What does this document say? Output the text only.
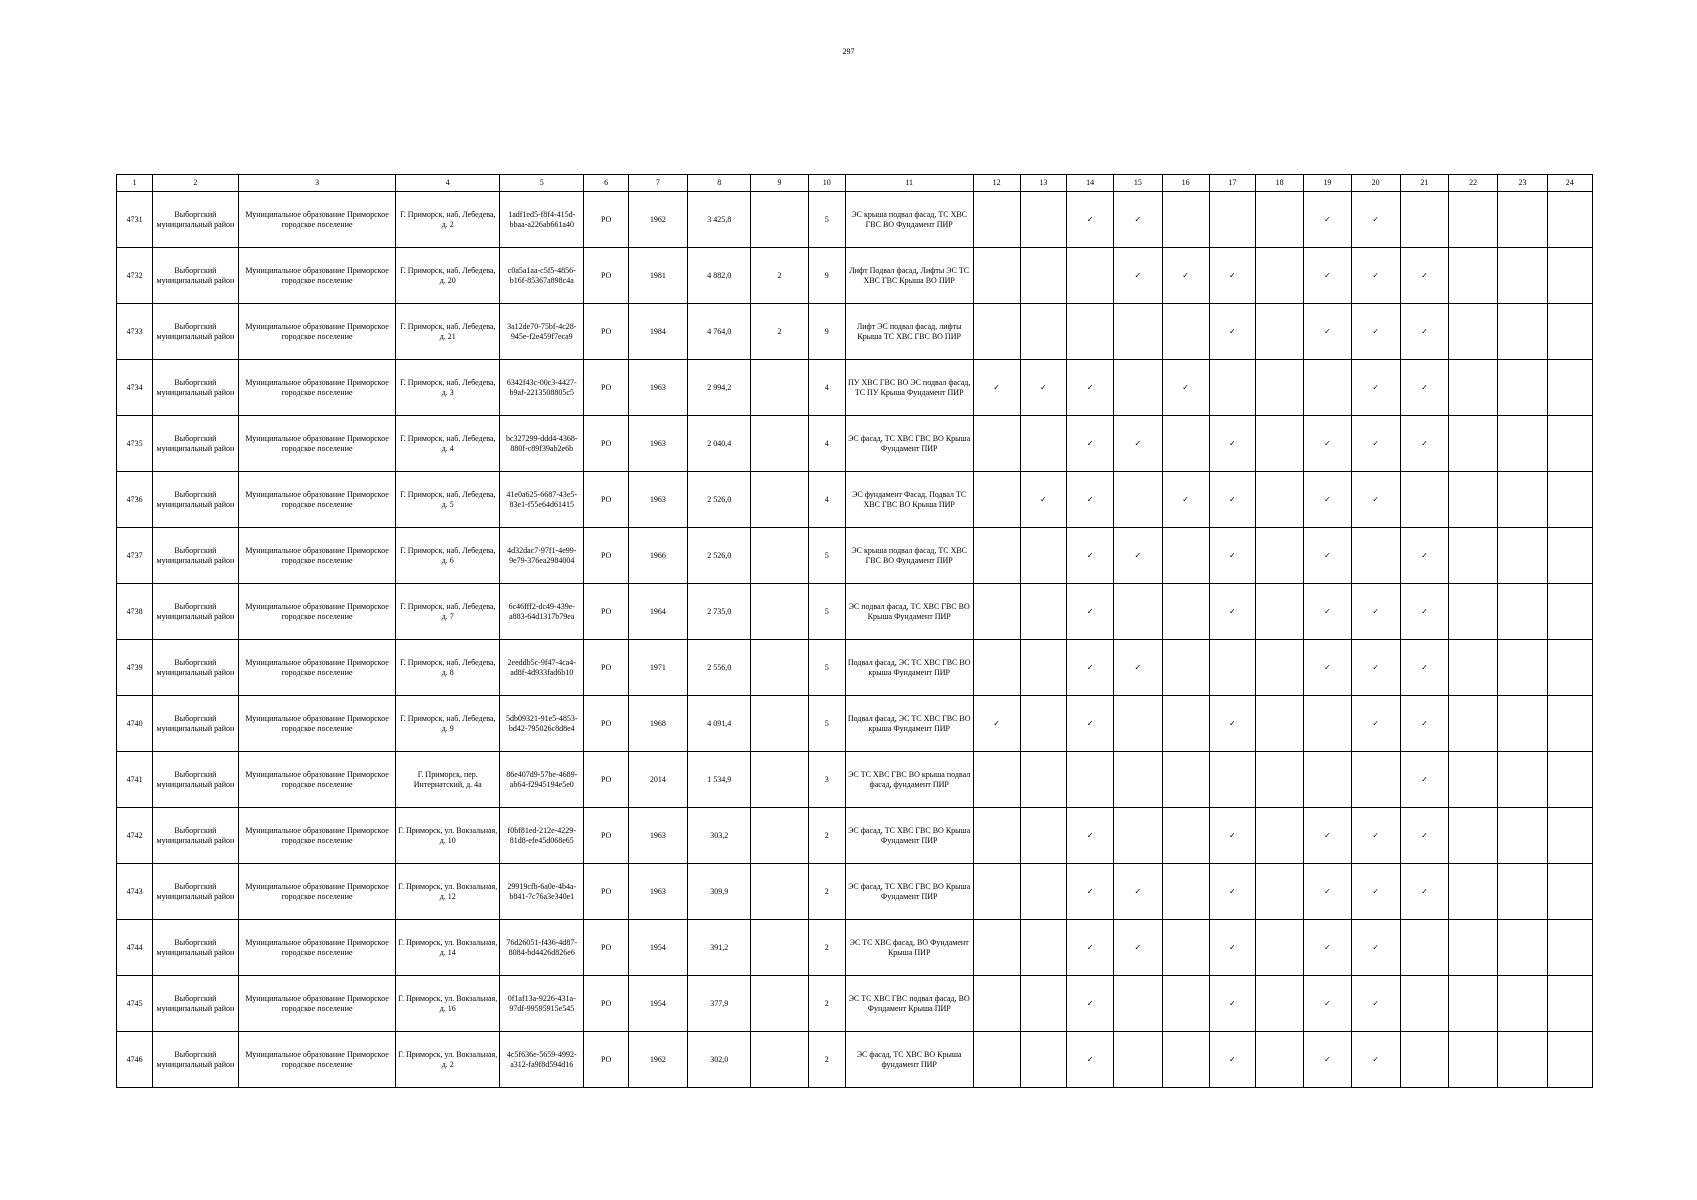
297
1	2	3	4	5	6	7	8	9	10	11	12	13	14	15	16	17	18	19	20	21	22	23	24
4731	Выборгский муниципальный район	Муниципальное образование Приморское городское поселение	Г. Приморск, наб. Лебедева, д. 2	1adf1ed5-f8f4-415d-bbaa-a226ab661a40	РО	1962	3 425,8		5	ЭС крыша подвал фасад, ТС ХВС ГВС ВО Фундамент ПИР			✓	✓				✓	✓				
4732	Выборгский муниципальный район	Муниципальное образование Приморское городское поселение	Г. Приморск, наб. Лебедева, д. 20	c0a5a1aa-c5f5-4856-b16f-85367a898c4a	РО	1981	4 882,0	2	9	Лифт Подвал фасад, Лифты ЭС ТС ХВС ГВС Крыша ВО ПИР				✓	✓	✓		✓	✓	✓			
4733	Выборгский муниципальный район	Муниципальное образование Приморское городское поселение	Г. Приморск, наб. Лебедева, д. 21	3a12de70-75bf-4c28-945e-f2e459f7eca9	РО	1984	4 764,0	2	9	Лифт ЭС подвал фасад, лифты Крыша ТС ХВС ГВС ВО ПИР						✓		✓	✓	✓			
4734	Выборгский муниципальный район	Муниципальное образование Приморское городское поселение	Г. Приморск, наб. Лебедева, д. 3	6342f43c-00c3-4427-b9af-2213508805c5	РО	1963	2 994,2		4	ПУ ХВС ГВС ВО ЭС подвал фасад, ТС ПУ Крыша Фундамент ПИР	✓	✓	✓		✓				✓	✓			
4735	Выборгский муниципальный район	Муниципальное образование Приморское городское поселение	Г. Приморск, наб. Лебедева, д. 4	bc327299-ddd4-4368-880f-c89f39ab2e6b	РО	1963	2 040,4		4	ЭС фасад, ТС ХВС ГВС ВО Крыша Фундамент ПИР			✓	✓		✓		✓	✓	✓			
4736	Выборгский муниципальный район	Муниципальное образование Приморское городское поселение	Г. Приморск, наб. Лебедева, д. 5	41e0a625-6687-43e5-83e1-f55e64d61415	РО	1963	2 526,0		4	ЭС фундамент Фасад, Подвал ТС ХВС ГВС ВО Крыша ПИР		✓	✓		✓	✓		✓	✓				
4737	Выборгский муниципальный район	Муниципальное образование Приморское городское поселение	Г. Приморск, наб. Лебедева, д. 6	4d32dac7-97f1-4e99-9e79-376ea2984004	РО	1966	2 526,0		5	ЭС крыша подвал фасад, ТС ХВС ГВС ВО Фундамент ПИР			✓	✓		✓		✓		✓			
4738	Выборгский муниципальный район	Муниципальное образование Приморское городское поселение	Г. Приморск, наб. Лебедева, д. 7	6c46fff2-dc49-439e-a883-64d1317b79ea	РО	1964	2 735,0		5	ЭС подвал фасад, ТС ХВС ГВС ВО Крыша Фундамент ПИР			✓			✓		✓	✓	✓			
4739	Выборгский муниципальный район	Муниципальное образование Приморское городское поселение	Г. Приморск, наб. Лебедева, д. 8	2eeddb5c-9f47-4ca4-ad8f-4d933fad6b10	РО	1971	2 556,0		5	Подвал фасад, ЭС ТС ХВС ГВС ВО крыша Фундамент ПИР			✓	✓				✓	✓	✓			
4740	Выборгский муниципальный район	Муниципальное образование Приморское городское поселение	Г. Приморск, наб. Лебедева, д. 9	5db09321-91e5-4853-bd42-795026c8d8e4	РО	1968	4 091,4		5	Подвал фасад, ЭС ТС ХВС ГВС ВО крыша Фундамент ПИР	✓		✓			✓			✓	✓			
4741	Выборгский муниципальный район	Муниципальное образование Приморское городское поселение	Г. Приморск, пер. Интернатский, д. 4а	86e407d9-57be-4689-ab64-f2945194e5e0	РО	2014	1 534,9		3	ЭС ТС ХВС ГВС ВО крыша подвал фасад, фундамент ПИР										✓			
4742	Выборгский муниципальный район	Муниципальное образование Приморское городское поселение	Г. Приморск, ул. Вокзальная, д. 10	f0bf81ed-212e-4229-81d8-efe45d068e65	РО	1963	303,2		2	ЭС фасад, ТС ХВС ГВС ВО Крыша Фундамент ПИР			✓			✓		✓	✓	✓			
4743	Выборгский муниципальный район	Муниципальное образование Приморское городское поселение	Г. Приморск, ул. Вокзальная, д. 12	29919cfb-6a0e-4b4a-b841-7c76a3e340e1	РО	1963	309,9		2	ЭС фасад, ТС ХВС ГВС ВО Крыша Фундамент ПИР			✓	✓		✓		✓	✓	✓			
4744	Выборгский муниципальный район	Муниципальное образование Приморское городское поселение	Г. Приморск, ул. Вокзальная, д. 14	76d26051-f436-4d87-8084-bd4426d826e6	РО	1954	391,2		2	ЭС ТС ХВС фасад, ВО Фундамент Крыша ПИР			✓	✓		✓		✓	✓				
4745	Выборгский муниципальный район	Муниципальное образование Приморское городское поселение	Г. Приморск, ул. Вокзальная, д. 16	0f1af13a-9226-431a-97df-99595915e545	РО	1954	377,9		2	ЭС ТС ХВС ГВС подвал фасад, ВО Фундамент Крыша ПИР			✓			✓		✓	✓				
4746	Выборгский муниципальный район	Муниципальное образование Приморское городское поселение	Г. Приморск, ул. Вокзальная, д. 2	4c5f636e-5659-4992-a312-fa9f8d594d16	РО	1962	302,0		2	ЭС фасад, ТС ХВС ВО Крыша фундамент ПИР			✓			✓		✓	✓				
